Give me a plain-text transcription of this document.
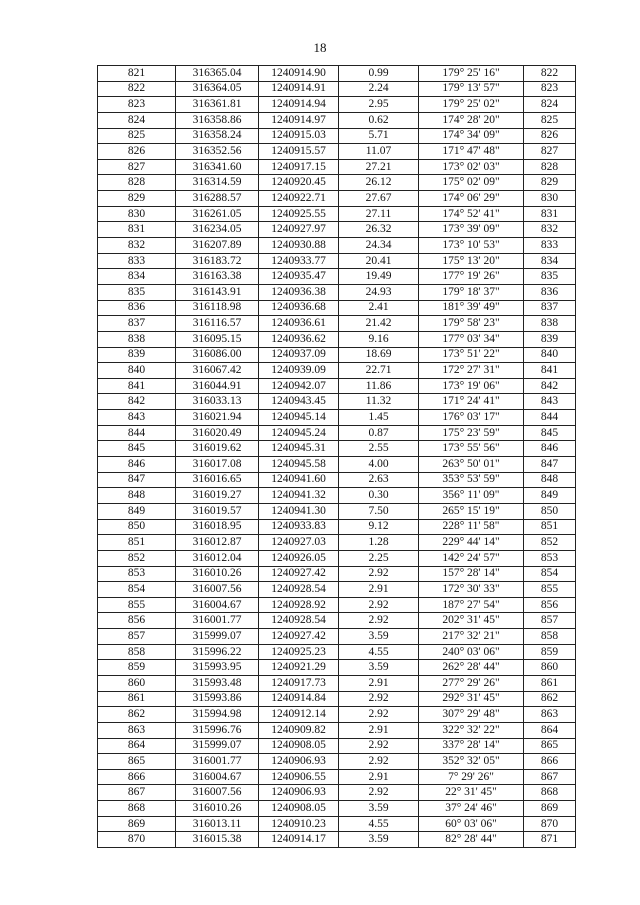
18
821	316365.04	1240914.90	0.99	179° 25' 16"	822
822	316364.05	1240914.91	2.24	179° 13' 57"	823
823	316361.81	1240914.94	2.95	179° 25' 02"	824
824	316358.86	1240914.97	0.62	174° 28' 20"	825
825	316358.24	1240915.03	5.71	174° 34' 09"	826
826	316352.56	1240915.57	11.07	171° 47' 48"	827
827	316341.60	1240917.15	27.21	173° 02' 03"	828
828	316314.59	1240920.45	26.12	175° 02' 09"	829
829	316288.57	1240922.71	27.67	174° 06' 29"	830
830	316261.05	1240925.55	27.11	174° 52' 41"	831
831	316234.05	1240927.97	26.32	173° 39' 09"	832
832	316207.89	1240930.88	24.34	173° 10' 53"	833
833	316183.72	1240933.77	20.41	175° 13' 20"	834
834	316163.38	1240935.47	19.49	177° 19' 26"	835
835	316143.91	1240936.38	24.93	179° 18' 37"	836
836	316118.98	1240936.68	2.41	181° 39' 49"	837
837	316116.57	1240936.61	21.42	179° 58' 23"	838
838	316095.15	1240936.62	9.16	177° 03' 34"	839
839	316086.00	1240937.09	18.69	173° 51' 22"	840
840	316067.42	1240939.09	22.71	172° 27' 31"	841
841	316044.91	1240942.07	11.86	173° 19' 06"	842
842	316033.13	1240943.45	11.32	171° 24' 41"	843
843	316021.94	1240945.14	1.45	176° 03' 17"	844
844	316020.49	1240945.24	0.87	175° 23' 59"	845
845	316019.62	1240945.31	2.55	173° 55' 56"	846
846	316017.08	1240945.58	4.00	263° 50' 01"	847
847	316016.65	1240941.60	2.63	353° 53' 59"	848
848	316019.27	1240941.32	0.30	356° 11' 09"	849
849	316019.57	1240941.30	7.50	265° 15' 19"	850
850	316018.95	1240933.83	9.12	228° 11' 58"	851
851	316012.87	1240927.03	1.28	229° 44' 14"	852
852	316012.04	1240926.05	2.25	142° 24' 57"	853
853	316010.26	1240927.42	2.92	157° 28' 14"	854
854	316007.56	1240928.54	2.91	172° 30' 33"	855
855	316004.67	1240928.92	2.92	187° 27' 54"	856
856	316001.77	1240928.54	2.92	202° 31' 45"	857
857	315999.07	1240927.42	3.59	217° 32' 21"	858
858	315996.22	1240925.23	4.55	240° 03' 06"	859
859	315993.95	1240921.29	3.59	262° 28' 44"	860
860	315993.48	1240917.73	2.91	277° 29' 26"	861
861	315993.86	1240914.84	2.92	292° 31' 45"	862
862	315994.98	1240912.14	2.92	307° 29' 48"	863
863	315996.76	1240909.82	2.91	322° 32' 22"	864
864	315999.07	1240908.05	2.92	337° 28' 14"	865
865	316001.77	1240906.93	2.92	352° 32' 05"	866
866	316004.67	1240906.55	2.91	7° 29' 26"	867
867	316007.56	1240906.93	2.92	22° 31' 45"	868
868	316010.26	1240908.05	3.59	37° 24' 46"	869
869	316013.11	1240910.23	4.55	60° 03' 06"	870
870	316015.38	1240914.17	3.59	82° 28' 44"	871
